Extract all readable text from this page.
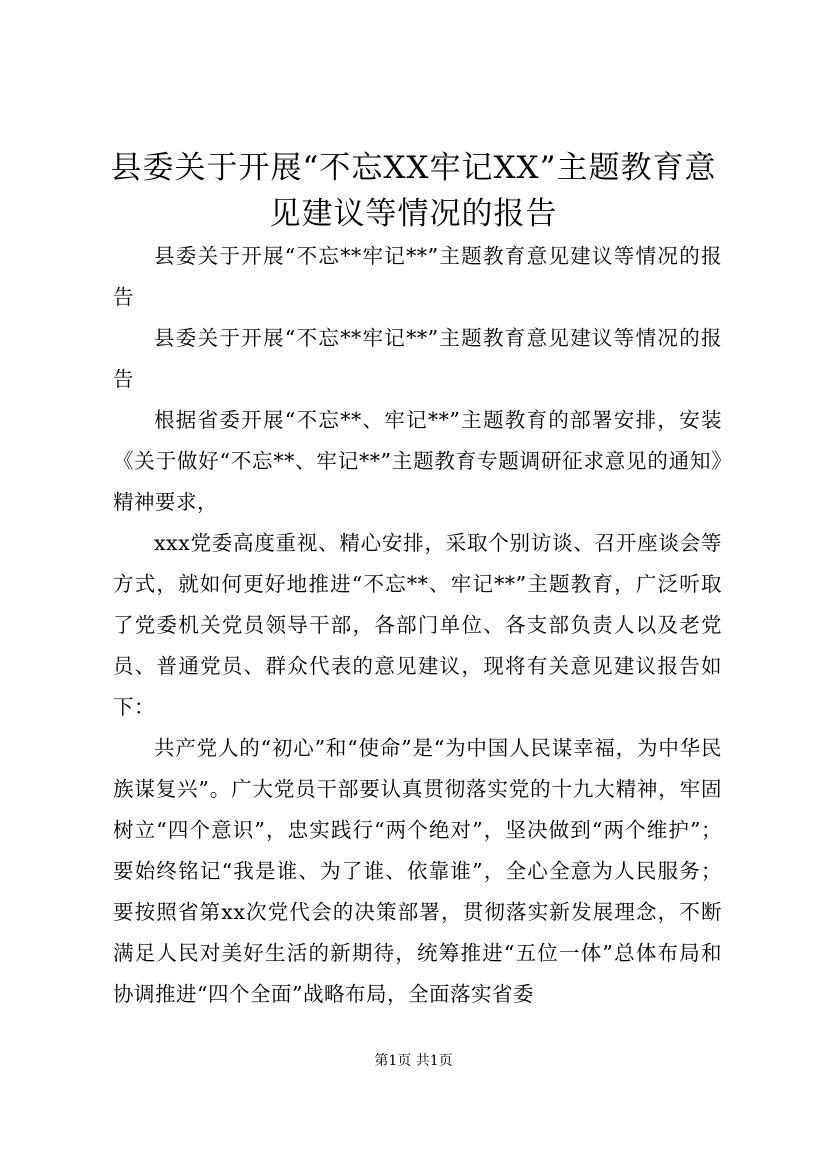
县委关于开展“不忘XX牢记XX”主题教育意见建议等情况的报告

县委关于开展“不忘**牢记**”主题教育意见建议等情况的报告

县委关于开展“不忘**牢记**”主题教育意见建议等情况的报告

根据省委开展“不忘**、牢记**”主题教育的部署安排，安装《关于做好“不忘**、牢记**”主题教育专题调研征求意见的通知》精神要求，

xxx党委高度重视、精心安排，采取个别访谈、召开座谈会等方式，就如何更好地推进“不忘**、牢记**”主题教育，广泛听取了党委机关党员领导干部，各部门单位、各支部负责人以及老党员、普通党员、群众代表的意见建议，现将有关意见建议报告如下：

共产党人的“初心”和“使命”是“为中国人民谋幸福，为中华民族谋复兴”。广大党员干部要认真贯彻落实党的十九大精神，牢固树立“四个意识”，忠实践行“两个绝对”，坚决做到“两个维护”；要始终铭记“我是谁、为了谁、依靠谁”，全心全意为人民服务；要按照省第xx次党代会的决策部署，贯彻落实新发展理念，不断满足人民对美好生活的新期待，统筹推进“五位一体”总体布局和协调推进“四个全面”战略布局，全面落实省委

第1页 共1页
